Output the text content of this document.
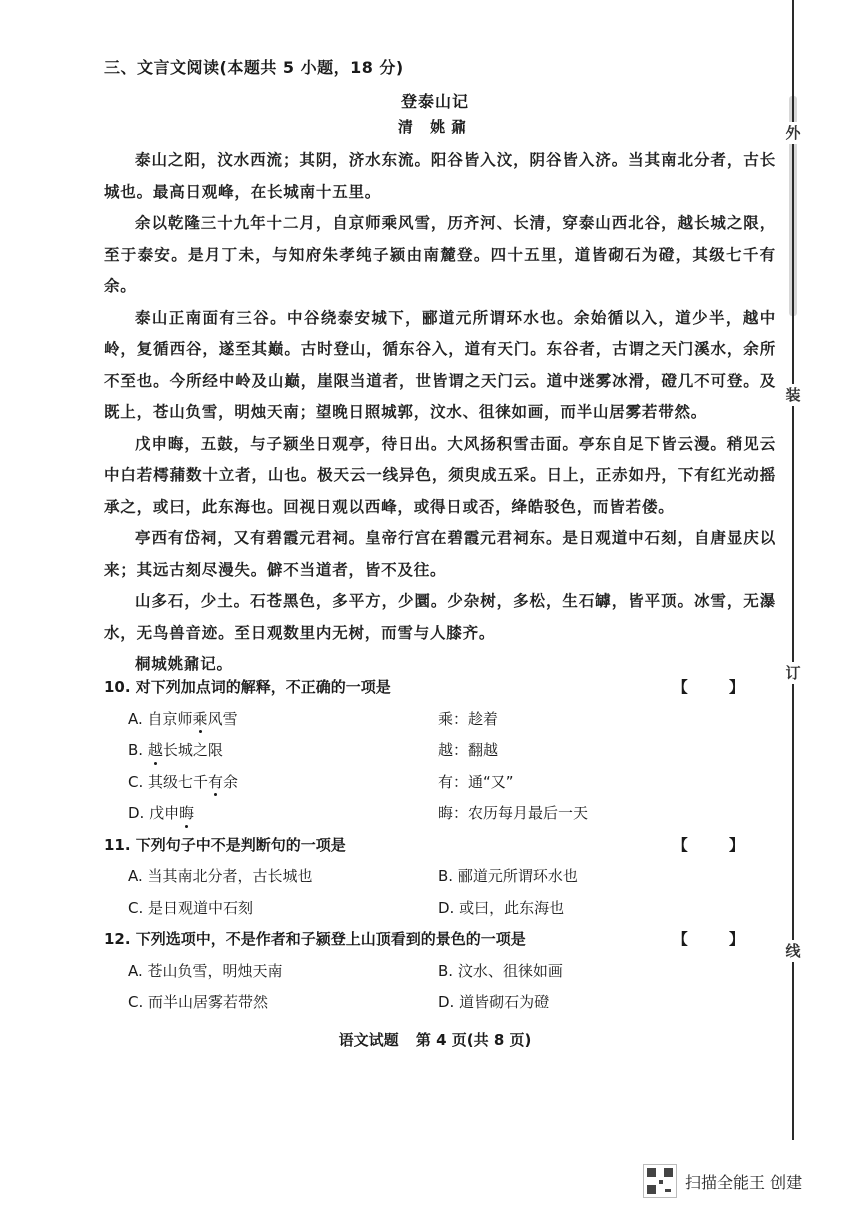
外
装
订
线
三、文言文阅读(本题共 5 小题，18 分)
登泰山记
清 姚鼐

泰山之阳，汶水西流；其阴，济水东流。阳谷皆入汶，阴谷皆入济。当其南北分者，古长城也。最高日观峰，在长城南十五里。

余以乾隆三十九年十二月，自京师乘风雪，历齐河、长清，穿泰山西北谷，越长城之限，至于泰安。是月丁未，与知府朱孝纯子颍由南麓登。四十五里，道皆砌石为磴，其级七千有余。

泰山正南面有三谷。中谷绕泰安城下，郦道元所谓环水也。余始循以入，道少半，越中岭，复循西谷，遂至其巅。古时登山，循东谷入，道有天门。东谷者，古谓之天门溪水，余所不至也。今所经中岭及山巅，崖限当道者，世皆谓之天门云。道中迷雾冰滑，磴几不可登。及既上，苍山负雪，明烛天南；望晚日照城郭，汶水、徂徕如画，而半山居雾若带然。

戊申晦，五鼓，与子颍坐日观亭，待日出。大风扬积雪击面。亭东自足下皆云漫。稍见云中白若樗蒱数十立者，山也。极天云一线异色，须臾成五采。日上，正赤如丹，下有红光动摇承之，或曰，此东海也。回视日观以西峰，或得日或否，绛皓驳色，而皆若偻。

亭西有岱祠，又有碧霞元君祠。皇帝行宫在碧霞元君祠东。是日观道中石刻，自唐显庆以来；其远古刻尽漫失。僻不当道者，皆不及往。

山多石，少土。石苍黑色，多平方，少圜。少杂树，多松，生石罅，皆平顶。冰雪，无瀑水，无鸟兽音迹。至日观数里内无树，而雪与人膝齐。

桐城姚鼐记。

10. 对下列加点词的解释，不正确的一项是	【 】
A. 自京师乘风雪	乘：趁着
B. 越长城之限	越：翻越
C. 其级七千有余	有：通“又”
D. 戊申晦	晦：农历每月最后一天
11. 下列句子中不是判断句的一项是	【 】
A. 当其南北分者，古长城也	B. 郦道元所谓环水也
C. 是日观道中石刻	D. 或曰，此东海也
12. 下列选项中，不是作者和子颍登上山顶看到的景色的一项是	【 】
A. 苍山负雪，明烛天南	B. 汶水、徂徕如画
C. 而半山居雾若带然	D. 道皆砌石为磴
语文试题 第 4 页(共 8 页)
扫描全能王 创建
